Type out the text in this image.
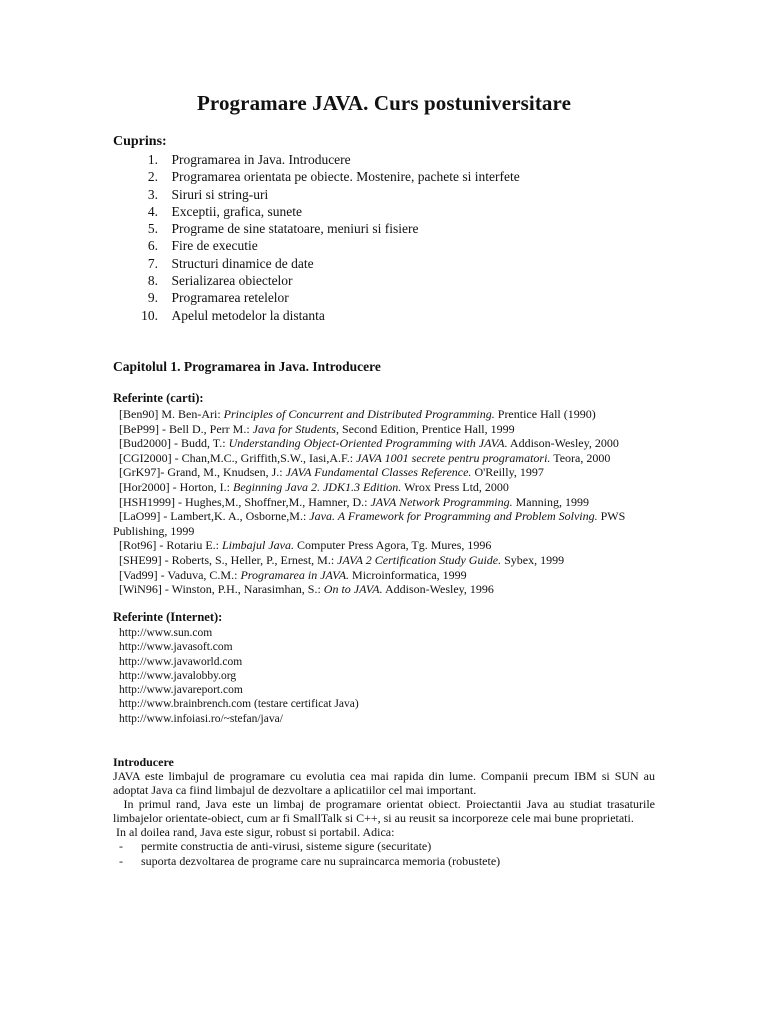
Programare JAVA. Curs postuniversitare
Cuprins:
1. Programarea in Java. Introducere
2. Programarea orientata pe obiecte. Mostenire, pachete si interfete
3. Siruri si string-uri
4. Exceptii, grafica, sunete
5. Programe de sine statatoare, meniuri si fisiere
6. Fire de executie
7. Structuri dinamice de date
8. Serializarea obiectelor
9. Programarea retelelor
10. Apelul metodelor la distanta
Capitolul 1. Programarea in Java. Introducere
Referinte (carti):
[Ben90] M. Ben-Ari: Principles of Concurrent and Distributed Programming. Prentice Hall (1990)
[BeP99] - Bell D., Perr M.: Java for Students, Second Edition, Prentice Hall, 1999
[Bud2000] - Budd, T.: Understanding Object-Oriented Programming with JAVA. Addison-Wesley, 2000
[CGI2000] - Chan,M.C., Griffith,S.W., Iasi,A.F.: JAVA 1001 secrete pentru programatori. Teora, 2000
[GrK97]- Grand, M., Knudsen, J.: JAVA Fundamental Classes Reference. O'Reilly, 1997
[Hor2000] - Horton, I.: Beginning Java 2. JDK1.3 Edition. Wrox Press Ltd, 2000
[HSH1999] - Hughes,M., Shoffner,M., Hamner, D.: JAVA Network Programming. Manning, 1999
[LaO99] - Lambert,K. A., Osborne,M.: Java. A Framework for Programming and Problem Solving. PWS
Publishing, 1999
[Rot96] - Rotariu E.: Limbajul Java. Computer Press Agora, Tg. Mures, 1996
[SHE99] - Roberts, S., Heller, P., Ernest, M.: JAVA 2 Certification Study Guide. Sybex, 1999
[Vad99] - Vaduva, C.M.: Programarea in JAVA. Microinformatica, 1999
[WiN96] - Winston, P.H., Narasimhan, S.: On to JAVA. Addison-Wesley, 1996
Referinte (Internet):
http://www.sun.com
http://www.javasoft.com
http://www.javaworld.com
http://www.javalobby.org
http://www.javareport.com
http://www.brainbrench.com (testare certificat Java)
http://www.infoiasi.ro/~stefan/java/
Introducere

JAVA este limbajul de programare cu evolutia cea mai rapida din lume. Companii precum IBM si SUN au adoptat Java ca fiind limbajul de dezvoltare a aplicatiilor cel mai important.

In primul rand, Java este un limbaj de programare orientat obiect. Proiectantii Java au studiat trasaturile limbajelor orientate-obiect, cum ar fi SmallTalk si C++, si au reusit sa incorporeze cele mai bune proprietati.

In al doilea rand, Java este sigur, robust si portabil. Adica:

- permite constructia de anti-virusi, sisteme sigure (securitate)
- suporta dezvoltarea de programe care nu supraincarca memoria (robustete)
